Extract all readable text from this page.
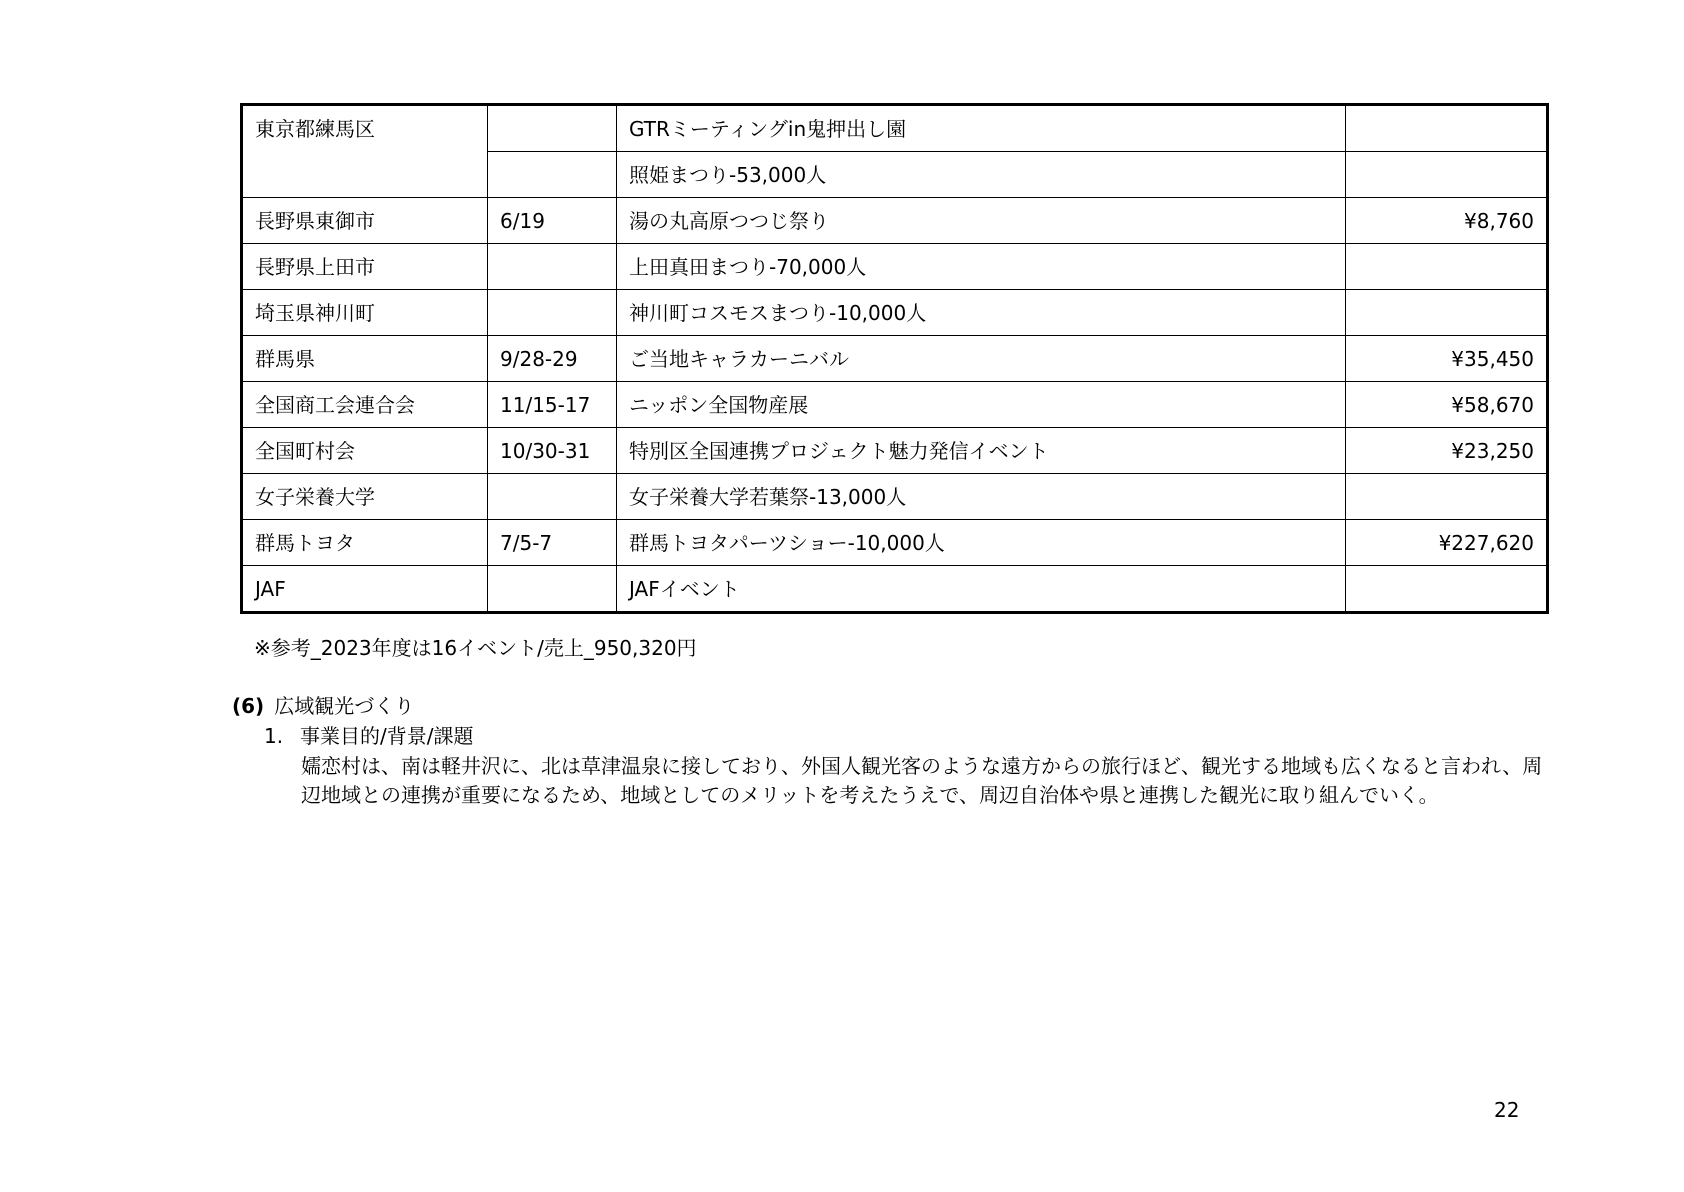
東京都練馬区		GTRミーティングin鬼押出し園	
		照姫まつり-53,000人	
長野県東御市	6/19	湯の丸高原つつじ祭り	¥8,760
長野県上田市		上田真田まつり-70,000人	
埼玉県神川町		神川町コスモスまつり-10,000人	
群馬県	9/28-29	ご当地キャラカーニバル	¥35,450
全国商工会連合会	11/15-17	ニッポン全国物産展	¥58,670
全国町村会	10/30-31	特別区全国連携プロジェクト魅力発信イベント	¥23,250
女子栄養大学		女子栄養大学若葉祭-13,000人	
群馬トヨタ	7/5-7	群馬トヨタパーツショー-10,000人	¥227,620
JAF		JAFイベント	
※参考_2023年度は16イベント/売上_950,320円
(6) 広域観光づくり
1. 事業目的/背景/課題

嬬恋村は、南は軽井沢に、北は草津温泉に接しており、外国人観光客のような遠方からの旅行ほど、観光する地域も広くなると言われ、周辺地域との連携が重要になるため、地域としてのメリットを考えたうえで、周辺自治体や県と連携した観光に取り組んでいく。

22
